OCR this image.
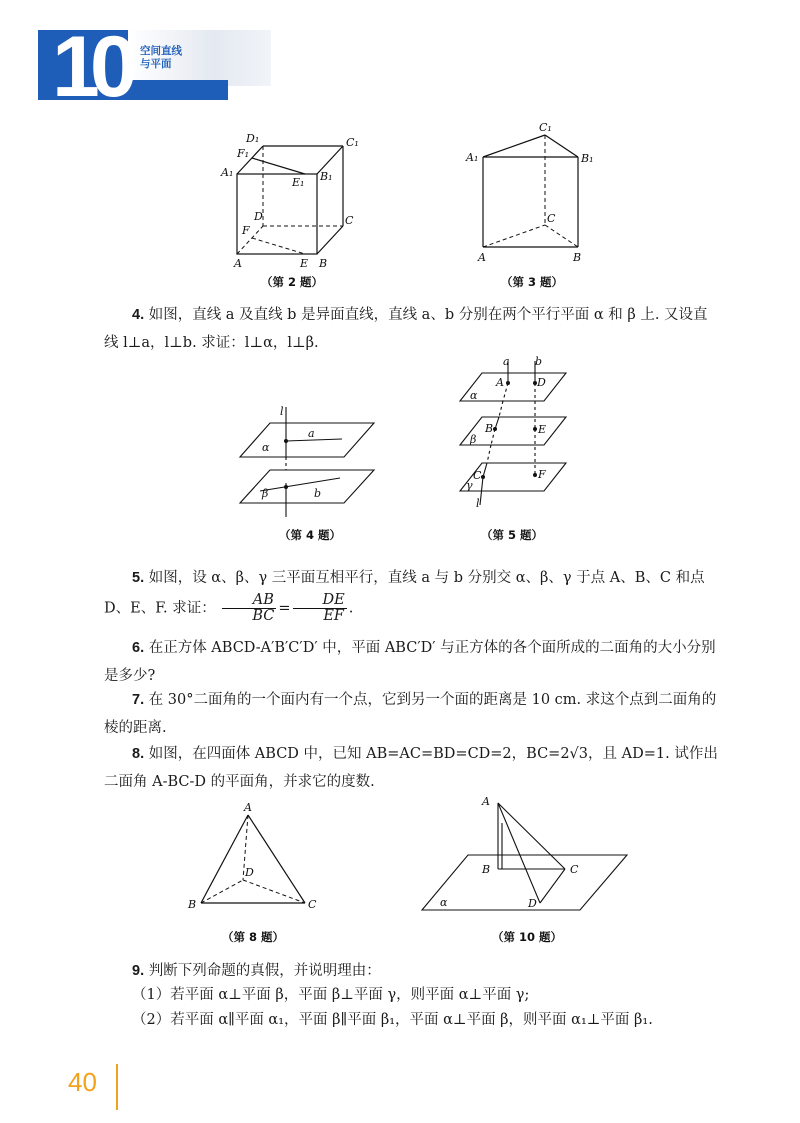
10 空间直线
与平面
D₁	C₁
F₁
A₁
E₁ B₁
D	C
F
A	E B
（第 2 题）
C₁
A₁	B₁
C
A	B
（第 3 题）
4. 如图，直线 a 及直线 b 是异面直线，直线 a、b 分别在两个平行平面 α 和 β 上. 又设直线 l⊥a，l⊥b. 求证：l⊥α，l⊥β.
l
a
α
β	b
（第 4 题）
a b
A	D
α
B	E
β
C	F
γ
l
（第 5 题）
5. 如图，设 α、β、γ 三平面互相平行，直线 a 与 b 分别交 α、β、γ 于点 A、B、C 和点 D、E、F. 求证： $\frac{AB}{BC} = \frac{DE}{EF}$ .
6. 在正方体 ABCD-A′B′C′D′ 中，平面 ABC′D′ 与正方体的各个面所成的二面角的大小分别是多少?
7. 在 30°二面角的一个面内有一个点，它到另一个面的距离是 10 cm. 求这个点到二面角的棱的距离.
8. 如图，在四面体 ABCD 中，已知 AB=AC=BD=CD=2，BC=2√3，且 AD=1. 试作出二面角 A-BC-D 的平面角，并求它的度数.
A
D
B	C
（第 8 题）
A
B	C
D
α
（第 10 题）
9. 判断下列命题的真假，并说明理由：
（1）若平面 α⊥平面 β，平面 β⊥平面 γ，则平面 α⊥平面 γ;
（2）若平面 α∥平面 α₁，平面 β∥平面 β₁，平面 α⊥平面 β，则平面 α₁⊥平面 β₁.
40
